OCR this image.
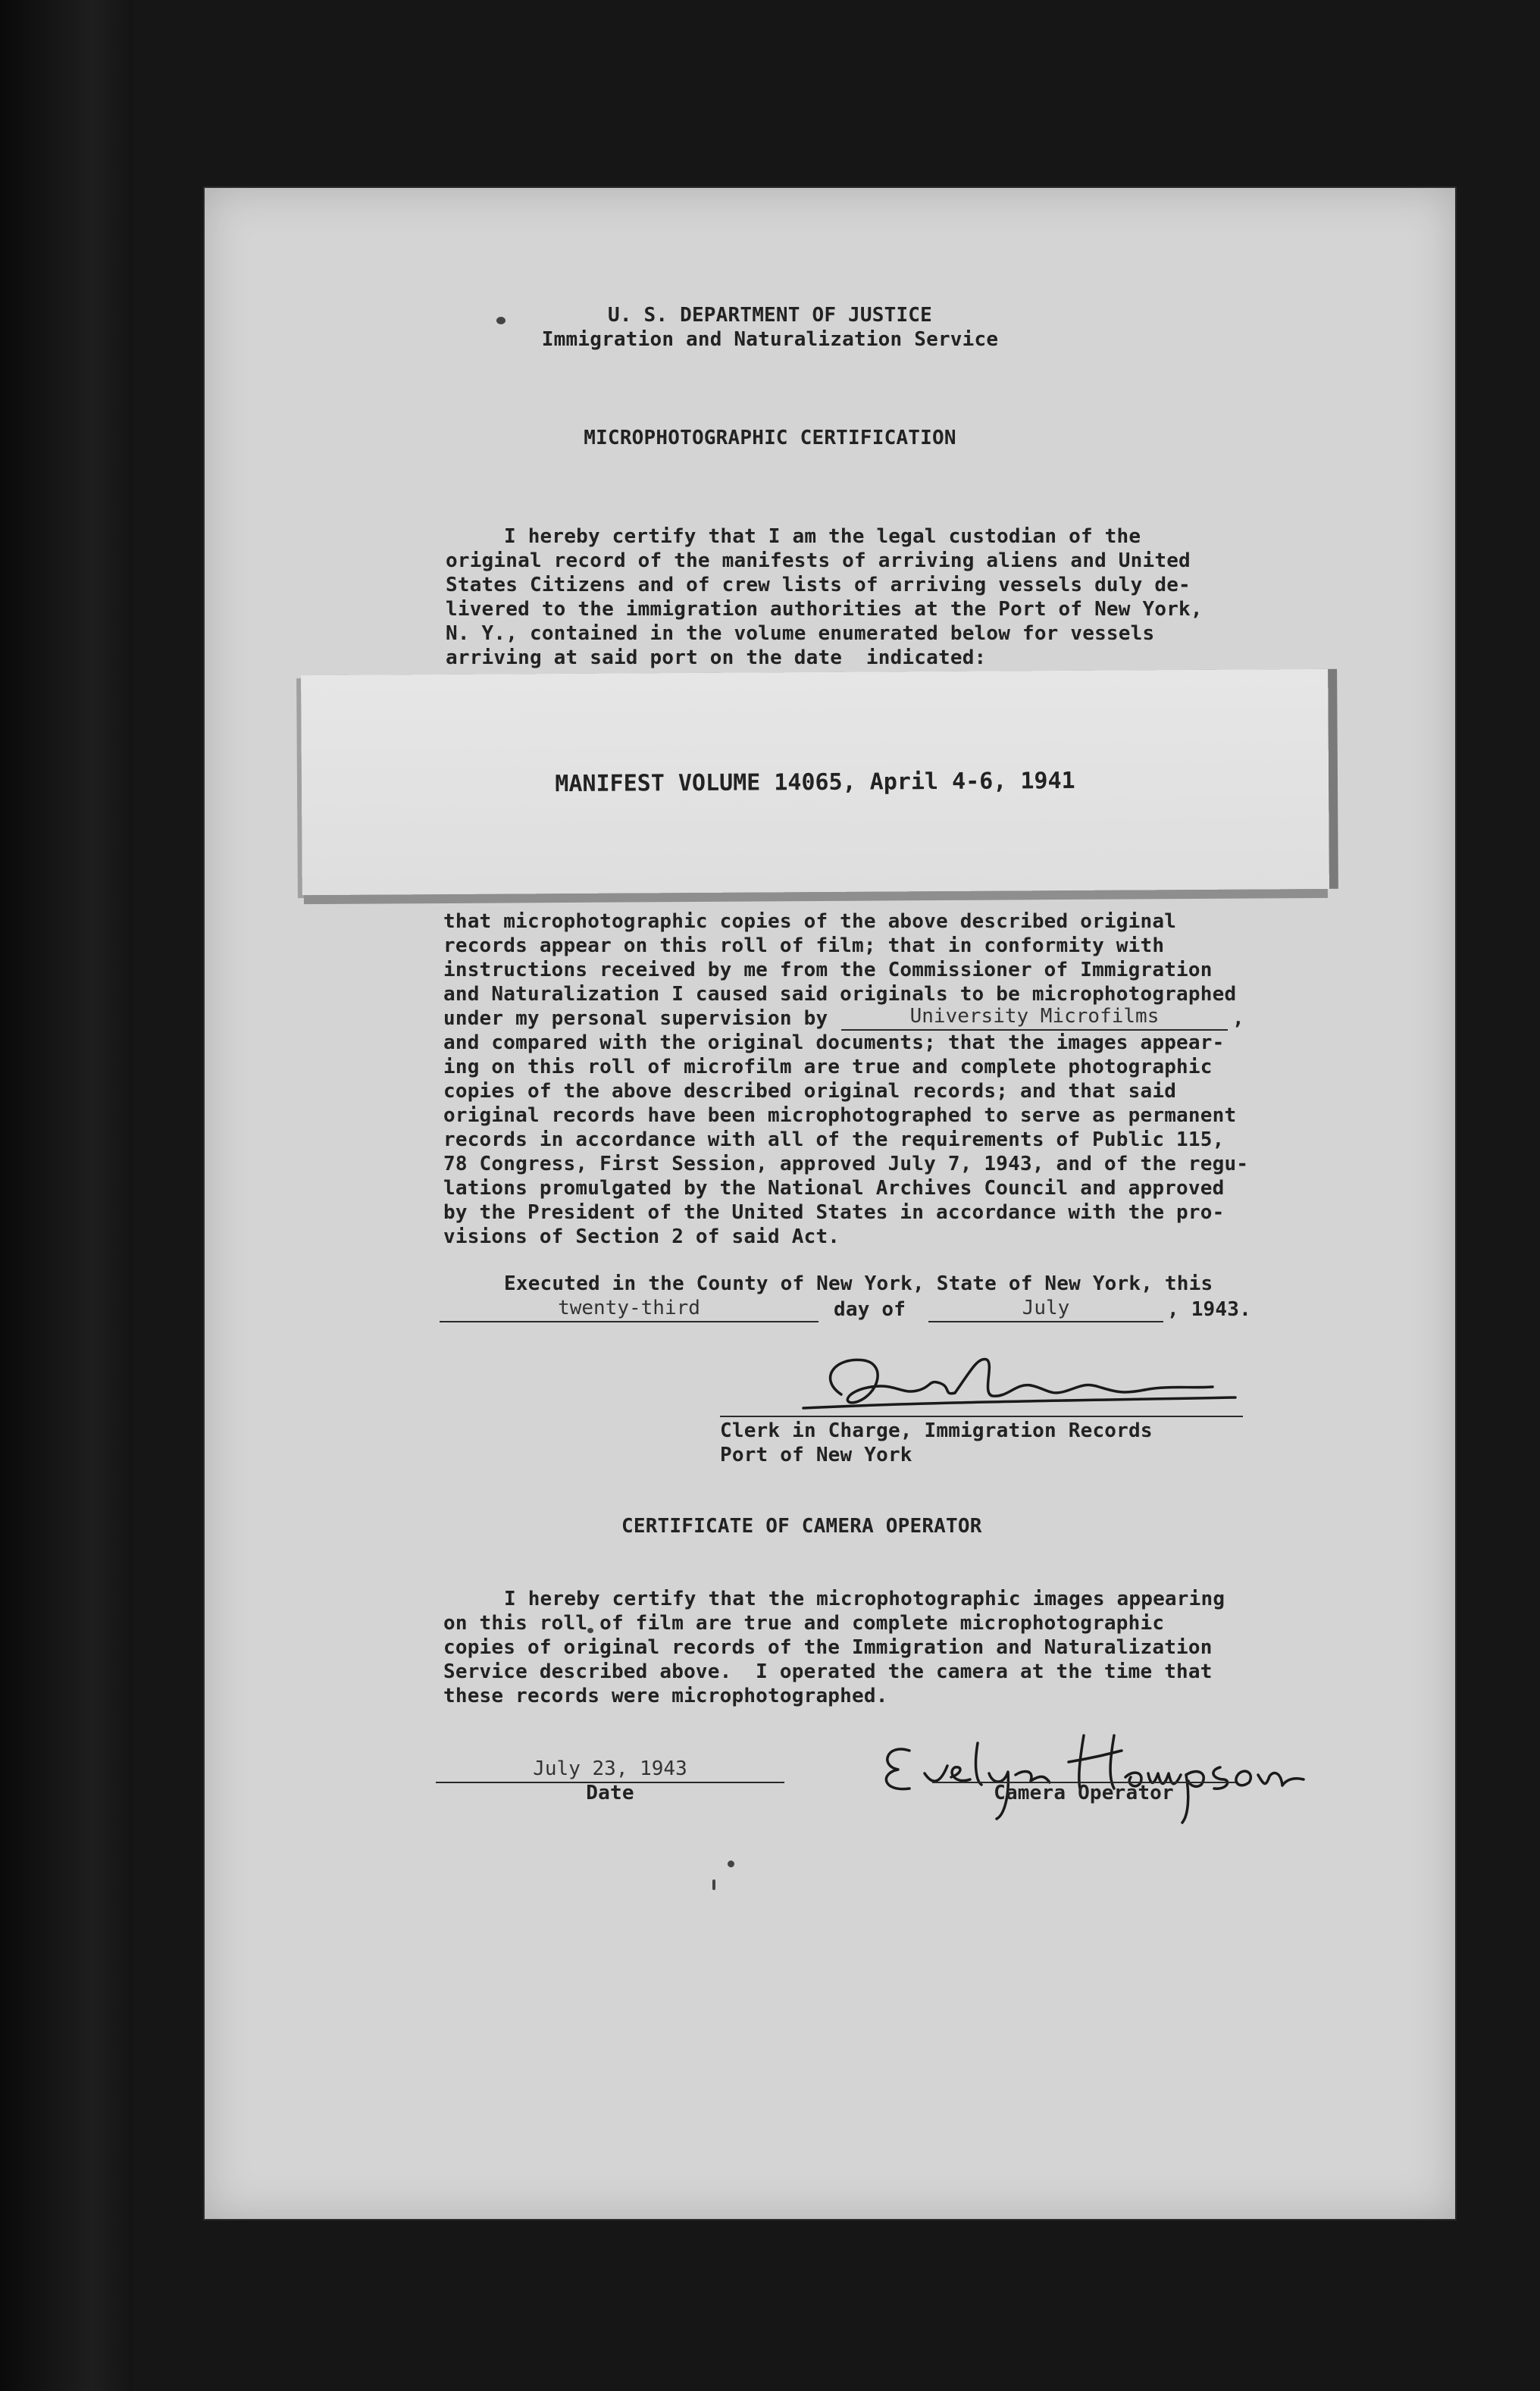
U. S. DEPARTMENT OF JUSTICE
Immigration and Naturalization Service
MICROPHOTOGRAPHIC CERTIFICATION
I hereby certify that I am the legal custodian of the
original record of the manifests of arriving aliens and United
States Citizens and of crew lists of arriving vessels duly de-
livered to the immigration authorities at the Port of New York,
N. Y., contained in the volume enumerated below for vessels
arriving at said port on the date  indicated:
MANIFEST VOLUME 14065, April 4-6, 1941
that microphotographic copies of the above described original
records appear on this roll of film; that in conformity with
instructions received by me from the Commissioner of Immigration
and Naturalization I caused said originals to be microphotographed
under my personal supervision by	University Microfilms	,
and compared with the original documents; that the images appear-
ing on this roll of microfilm are true and complete photographic
copies of the above described original records; and that said
original records have been microphotographed to serve as permanent
records in accordance with all of the requirements of Public 115,
78 Congress, First Session, approved July 7, 1943, and of the regu-
lations promulgated by the National Archives Council and approved
by the President of the United States in accordance with the pro-
visions of Section 2 of said Act.
Executed in the County of New York, State of New York, this
twenty-third	day of	July	, 1943.
Clerk in Charge, Immigration Records
Port of New York
CERTIFICATE OF CAMERA OPERATOR
I hereby certify that the microphotographic images appearing
on this roll of film are true and complete microphotographic
copies of original records of the Immigration and Naturalization
Service described above.  I operated the camera at the time that
these records were microphotographed.
July 23, 1943
Date	Camera Operator
